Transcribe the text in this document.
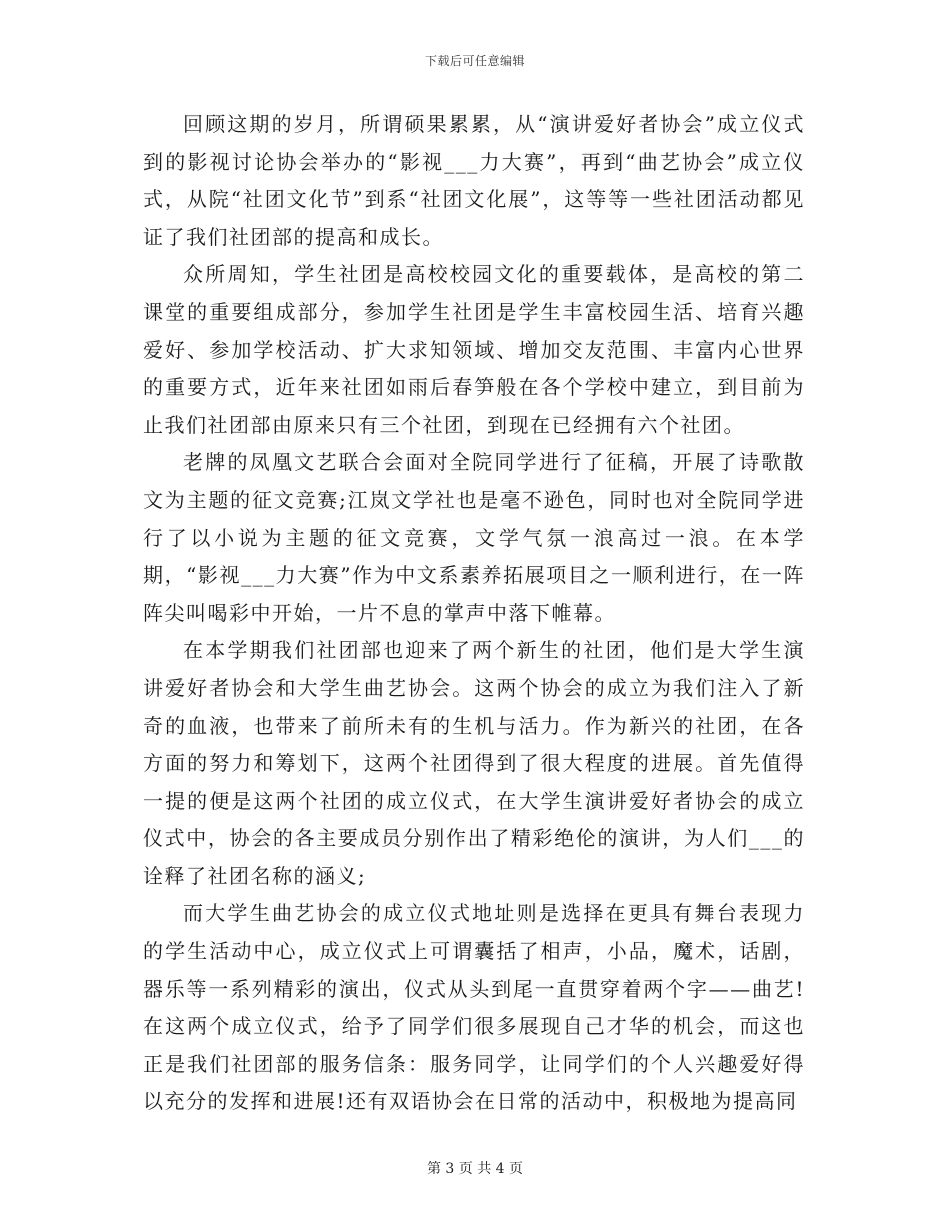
下载后可任意编辑

回顾这期的岁月，所谓硕果累累，从“演讲爱好者协会”成立仪式到的影视讨论协会举办的“影视___力大赛”，再到“曲艺协会”成立仪式，从院“社团文化节”到系“社团文化展”，这等等一些社团活动都见证了我们社团部的提高和成长。

众所周知，学生社团是高校校园文化的重要载体，是高校的第二课堂的重要组成部分，参加学生社团是学生丰富校园生活、培育兴趣爱好、参加学校活动、扩大求知领域、增加交友范围、丰富内心世界的重要方式，近年来社团如雨后春笋般在各个学校中建立，到目前为止我们社团部由原来只有三个社团，到现在已经拥有六个社团。

老牌的凤凰文艺联合会面对全院同学进行了征稿，开展了诗歌散文为主题的征文竞赛;江岚文学社也是毫不逊色，同时也对全院同学进行了以小说为主题的征文竞赛，文学气氛一浪高过一浪。在本学期，“影视___力大赛”作为中文系素养拓展项目之一顺利进行，在一阵阵尖叫喝彩中开始，一片不息的掌声中落下帷幕。

在本学期我们社团部也迎来了两个新生的社团，他们是大学生演讲爱好者协会和大学生曲艺协会。这两个协会的成立为我们注入了新奇的血液，也带来了前所未有的生机与活力。作为新兴的社团，在各方面的努力和筹划下，这两个社团得到了很大程度的进展。首先值得一提的便是这两个社团的成立仪式，在大学生演讲爱好者协会的成立仪式中，协会的各主要成员分别作出了精彩绝伦的演讲，为人们___的诠释了社团名称的涵义;

而大学生曲艺协会的成立仪式地址则是选择在更具有舞台表现力的学生活动中心，成立仪式上可谓囊括了相声，小品，魔术，话剧，器乐等一系列精彩的演出，仪式从头到尾一直贯穿着两个字——曲艺!在这两个成立仪式，给予了同学们很多展现自己才华的机会，而这也正是我们社团部的服务信条：服务同学，让同学们的个人兴趣爱好得以充分的发挥和进展!还有双语协会在日常的活动中，积极地为提高同

第 3 页 共 4 页
